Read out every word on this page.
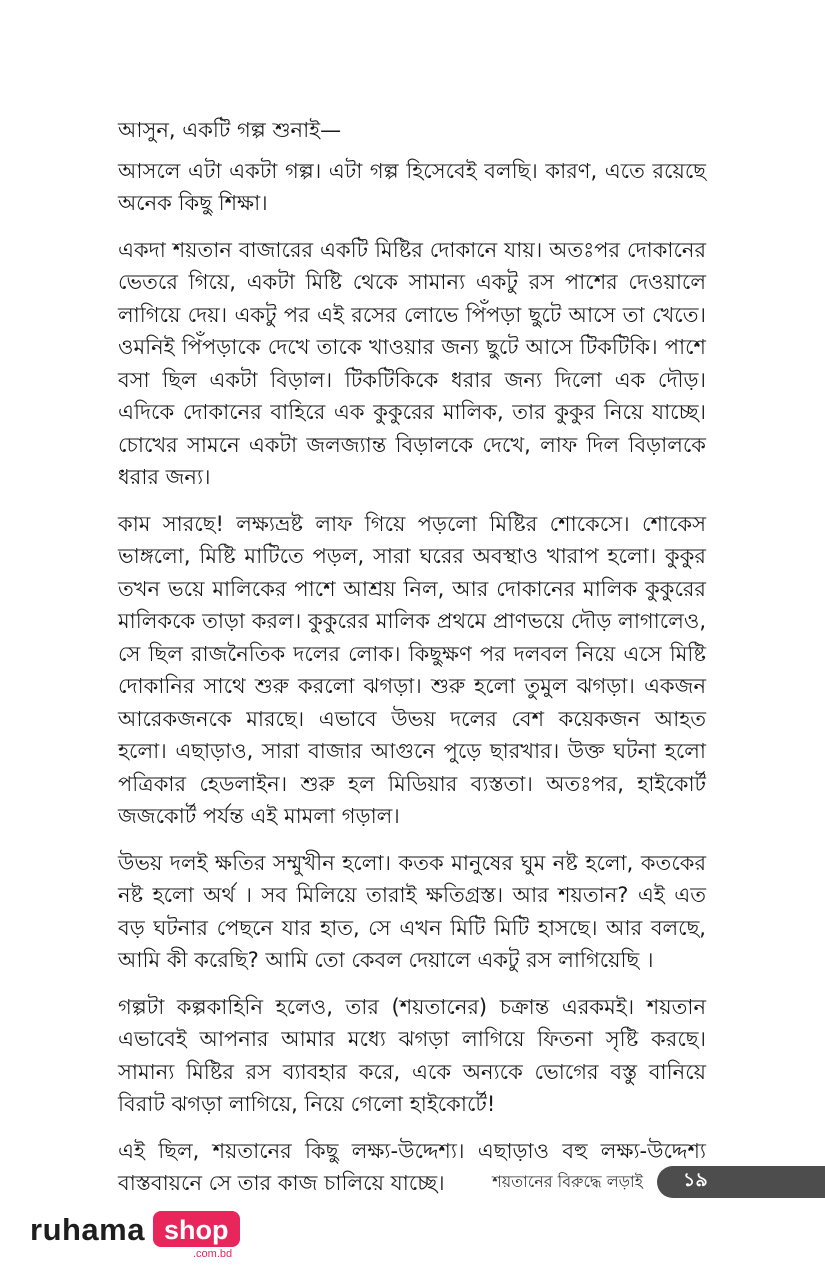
আসুন, একটি গল্প শুনাই—

আসলে এটা একটা গল্প। এটা গল্প হিসেবেই বলছি। কারণ, এতে রয়েছে অনেক কিছু শিক্ষা।

একদা শয়তান বাজারের একটি মিষ্টির দোকানে যায়। অতঃপর দোকানের ভেতরে গিয়ে, একটা মিষ্টি থেকে সামান্য একটু রস পাশের দেওয়ালে লাগিয়ে দেয়। একটু পর এই রসের লোভে পিঁপড়া ছুটে আসে তা খেতে। ওমনিই পিঁপড়াকে দেখে তাকে খাওয়ার জন্য ছুটে আসে টিকটিকি। পাশে বসা ছিল একটা বিড়াল। টিকটিকিকে ধরার জন্য দিলো এক দৌড়। এদিকে দোকানের বাহিরে এক কুকুরের মালিক, তার কুকুর নিয়ে যাচ্ছে। চোখের সামনে একটা জলজ্যান্ত বিড়ালকে দেখে, লাফ দিল বিড়ালকে ধরার জন্য।

কাম সারছে! লক্ষ্যভ্রষ্ট লাফ গিয়ে পড়লো মিষ্টির শোকেসে। শোকেস ভাঙ্গলো, মিষ্টি মাটিতে পড়ল, সারা ঘরের অবস্থাও খারাপ হলো। কুকুর তখন ভয়ে মালিকের পাশে আশ্রয় নিল, আর দোকানের মালিক কুকুরের মালিককে তাড়া করল। কুকুরের মালিক প্রথমে প্রাণভয়ে দৌড় লাগালেও, সে ছিল রাজনৈতিক দলের লোক। কিছুক্ষণ পর দলবল নিয়ে এসে মিষ্টি দোকানির সাথে শুরু করলো ঝগড়া। শুরু হলো তুমুল ঝগড়া। একজন আরেকজনকে মারছে। এভাবে উভয় দলের বেশ কয়েকজন আহত হলো। এছাড়াও, সারা বাজার আগুনে পুড়ে ছারখার। উক্ত ঘটনা হলো পত্রিকার হেডলাইন। শুরু হল মিডিয়ার ব্যস্ততা। অতঃপর, হাইকোর্ট জজকোর্ট পর্যন্ত এই মামলা গড়াল।

উভয় দলই ক্ষতির সম্মুখীন হলো। কতক মানুষের ঘুম নষ্ট হলো, কতকের নষ্ট হলো অর্থ । সব মিলিয়ে তারাই ক্ষতিগ্রস্ত। আর শয়তান? এই এত বড় ঘটনার পেছনে যার হাত, সে এখন মিটি মিটি হাসছে। আর বলছে, আমি কী করেছি? আমি তো কেবল দেয়ালে একটু রস লাগিয়েছি ।

গল্পটা কল্পকাহিনি হলেও, তার (শয়তানের) চক্রান্ত এরকমই। শয়তান এভাবেই আপনার আমার মধ্যে ঝগড়া লাগিয়ে ফিতনা সৃষ্টি করছে। সামান্য মিষ্টির রস ব্যাবহার করে, একে অন্যকে ভোগের বস্তু বানিয়ে বিরাট ঝগড়া লাগিয়ে, নিয়ে গেলো হাইকোর্টে!

এই ছিল, শয়তানের কিছু লক্ষ্য-উদ্দেশ্য। এছাড়াও বহু লক্ষ্য-উদ্দেশ্য বাস্তবায়নে সে তার কাজ চালিয়ে যাচ্ছে।	শয়তানের বিরুদ্ধে লড়াই ১৯
ruhama shop
.com.bd
